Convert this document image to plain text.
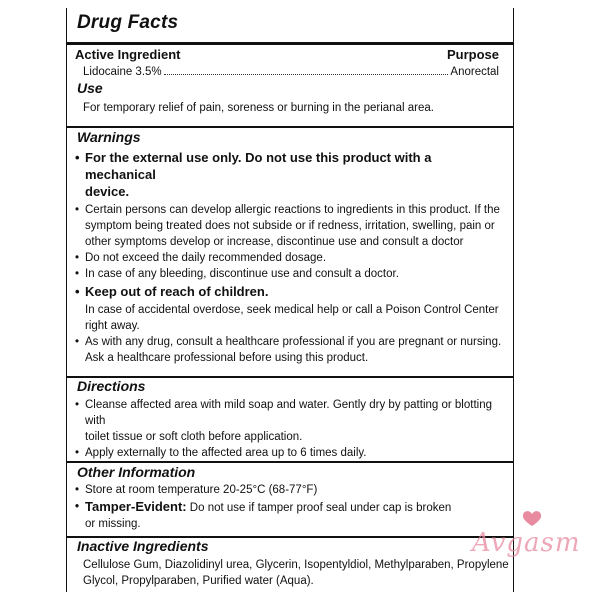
Drug Facts
Active Ingredient	Purpose
Lidocaine 3.5%	Anorectal
Use
For temporary relief of pain, soreness or burning in the perianal area.
Warnings
• For the external use only. Do not use this product with a mechanical
device.
• Certain persons can develop allergic reactions to ingredients in this product. If the
symptom being treated does not subside or if redness, irritation, swelling, pain or
other symptoms develop or increase, discontinue use and consult a doctor
• Do not exceed the daily recommended dosage.
• In case of any bleeding, discontinue use and consult a doctor.
• Keep out of reach of children.
In case of accidental overdose, seek medical help or call a Poison Control Center
right away.
• As with any drug, consult a healthcare professional if you are pregnant or nursing.
Ask a healthcare professional before using this product.
Directions
• Cleanse affected area with mild soap and water. Gently dry by patting or blotting with
toilet tissue or soft cloth before application.
• Apply externally to the affected area up to 6 times daily.
Other Information
• Store at room temperature 20-25°C (68-77°F)
• Tamper-Evident: Do not use if tamper proof seal under cap is broken
or missing.
Inactive Ingredients
Cellulose Gum, Diazolidinyl urea, Glycerin, Isopentyldiol, Methylparaben, Propylene
Glycol, Propylparaben, Purified water (Aqua).
Avgasm
